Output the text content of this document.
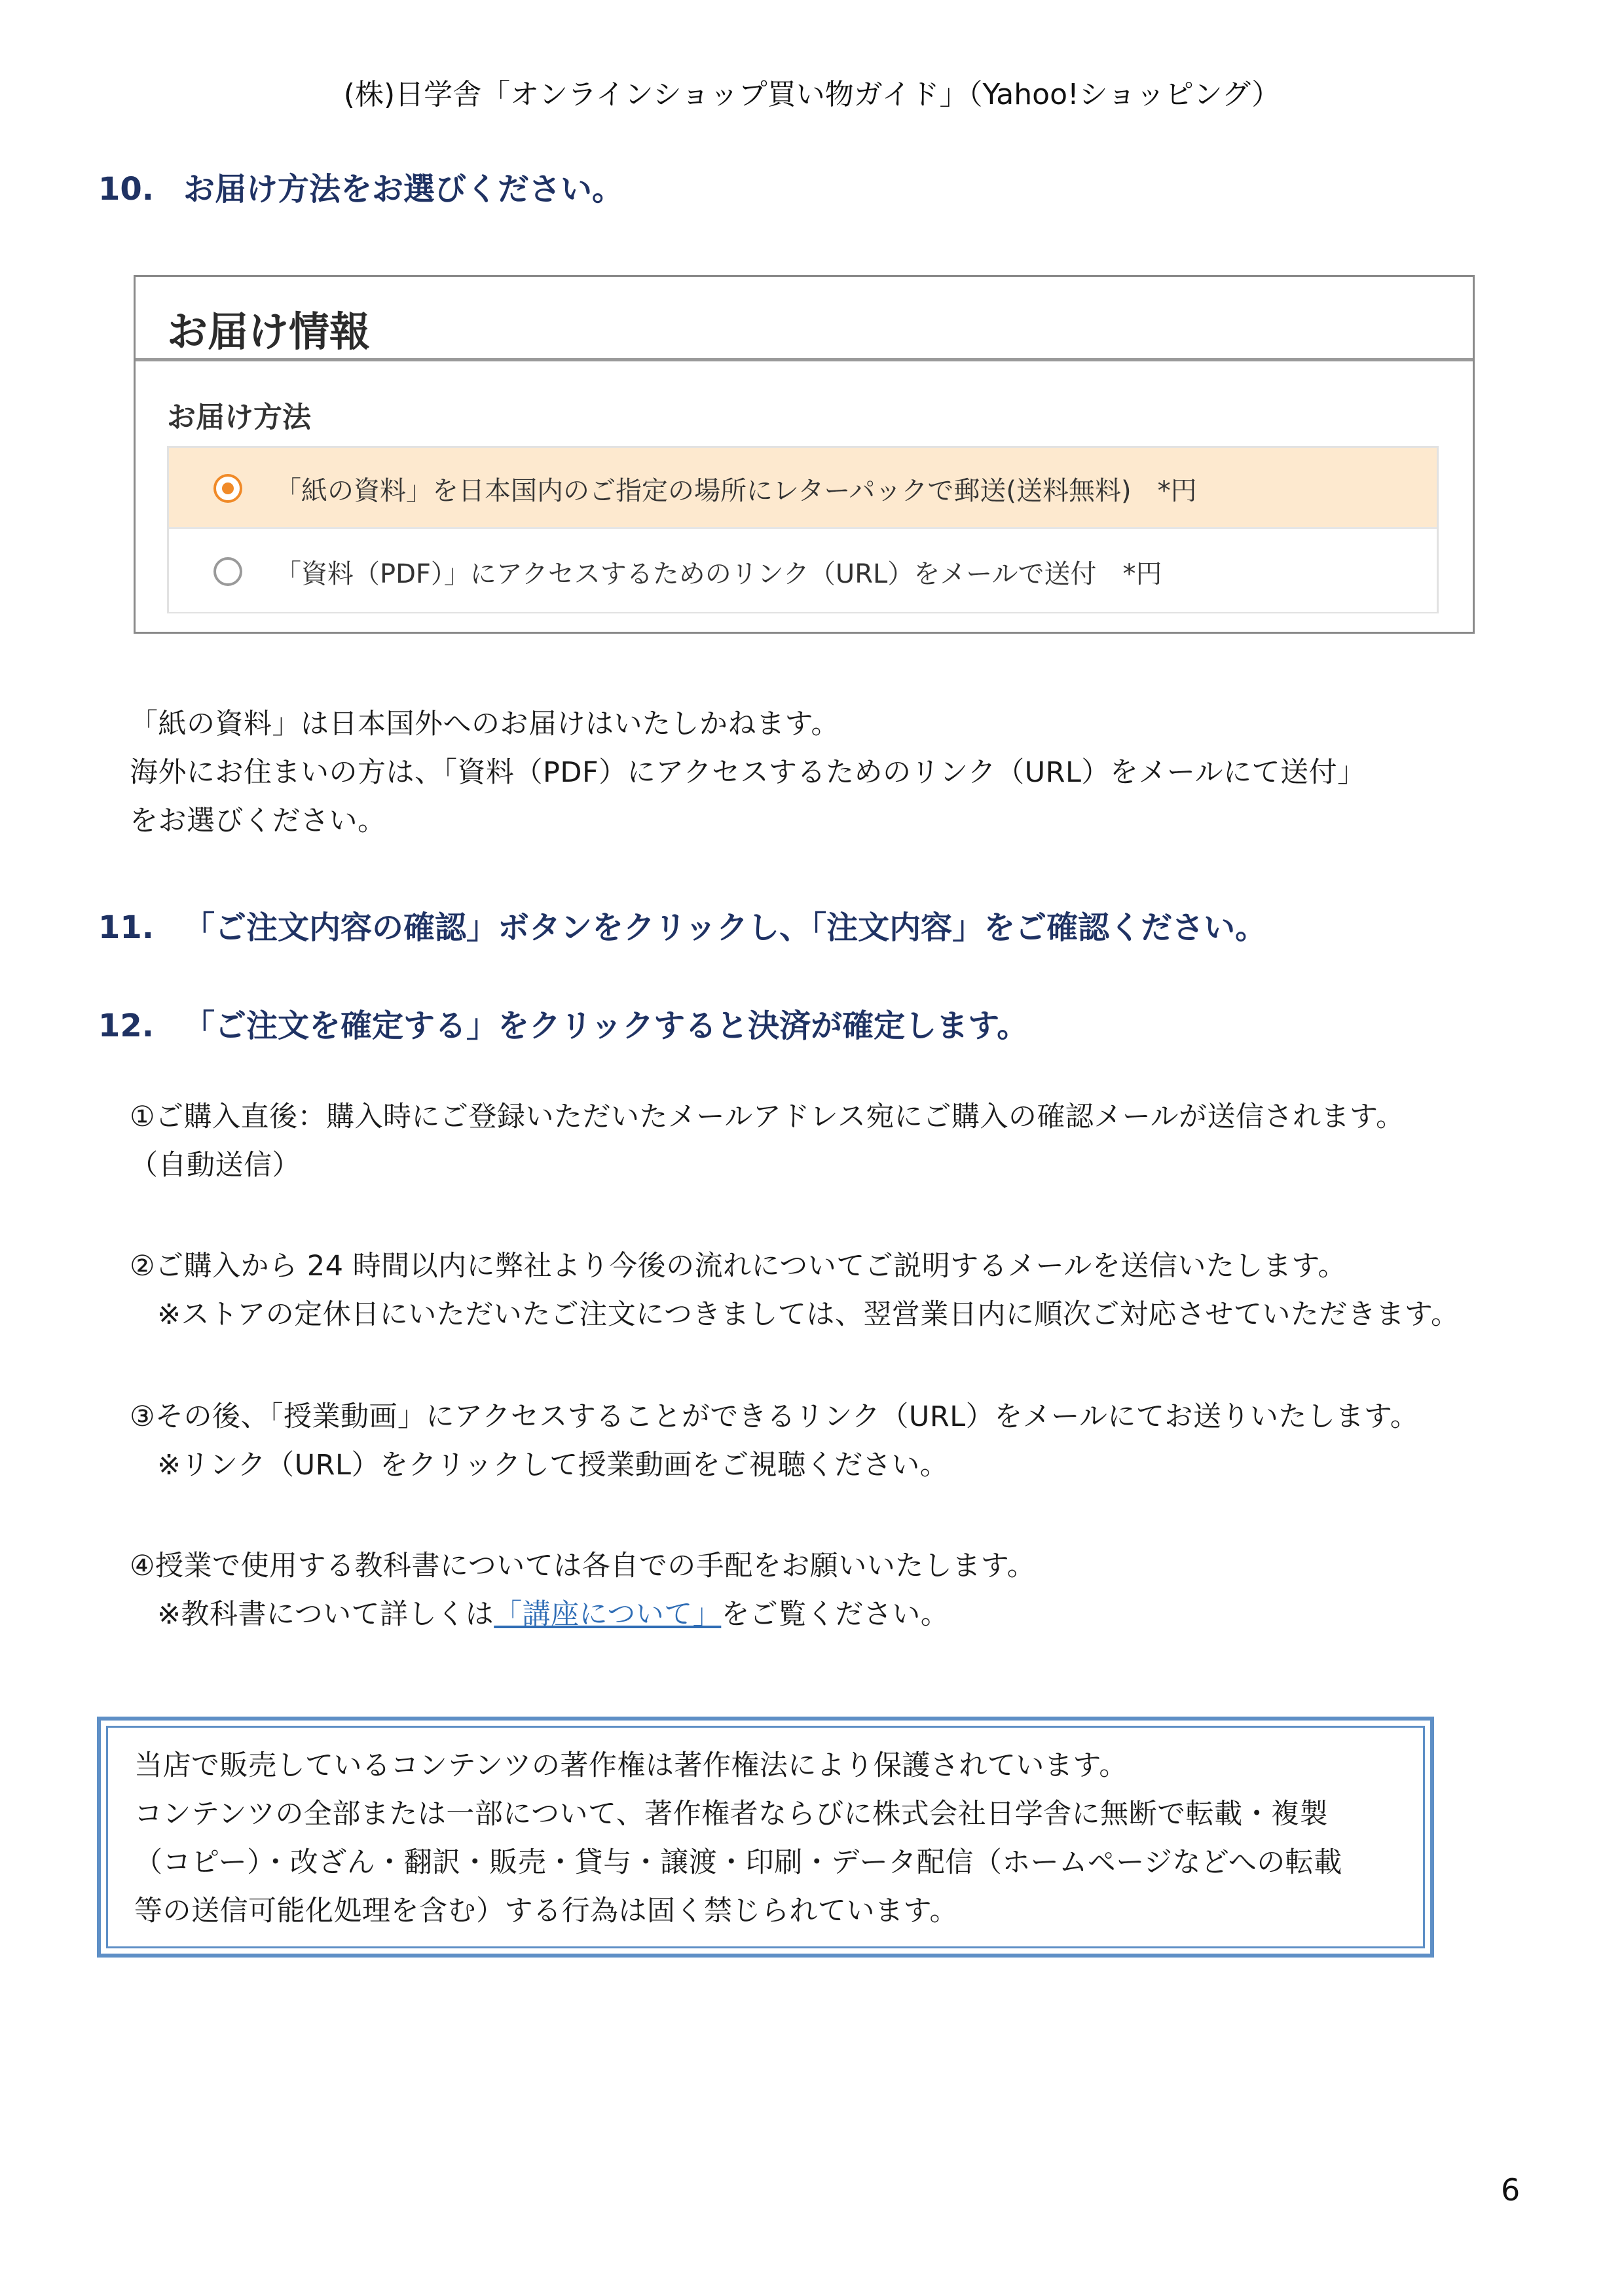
(株)日学舎「オンラインショップ買い物ガイド」（Yahoo!ショッピング）
10. お届け方法をお選びください。
お届け情報
お届け方法
「紙の資料」を日本国内のご指定の場所にレターパックで郵送(送料無料) *円
「資料（PDF）」にアクセスするためのリンク（URL）をメールで送付 *円
「紙の資料」は日本国外へのお届けはいたしかねます。
海外にお住まいの方は、「資料（PDF）にアクセスするためのリンク（URL）をメールにて送付」
をお選びください。
11. 「ご注文内容の確認」ボタンをクリックし、「注文内容」をご確認ください。
12. 「ご注文を確定する」をクリックすると決済が確定します。
①ご購入直後：購入時にご登録いただいたメールアドレス宛にご購入の確認メールが送信されます。
（自動送信）
②ご購入から 24 時間以内に弊社より今後の流れについてご説明するメールを送信いたします。
※ストアの定休日にいただいたご注文につきましては、翌営業日内に順次ご対応させていただきます。
③その後、「授業動画」にアクセスすることができるリンク（URL）をメールにてお送りいたします。
※リンク（URL）をクリックして授業動画をご視聴ください。
④授業で使用する教科書については各自での手配をお願いいたします。
※教科書について詳しくは「講座について」をご覧ください。
当店で販売しているコンテンツの著作権は著作権法により保護されています。
コンテンツの全部または一部について、著作権者ならびに株式会社日学舎に無断で転載・複製
（コピー）・改ざん・翻訳・販売・貸与・譲渡・印刷・データ配信（ホームページなどへの転載
等の送信可能化処理を含む）する行為は固く禁じられています。
6
